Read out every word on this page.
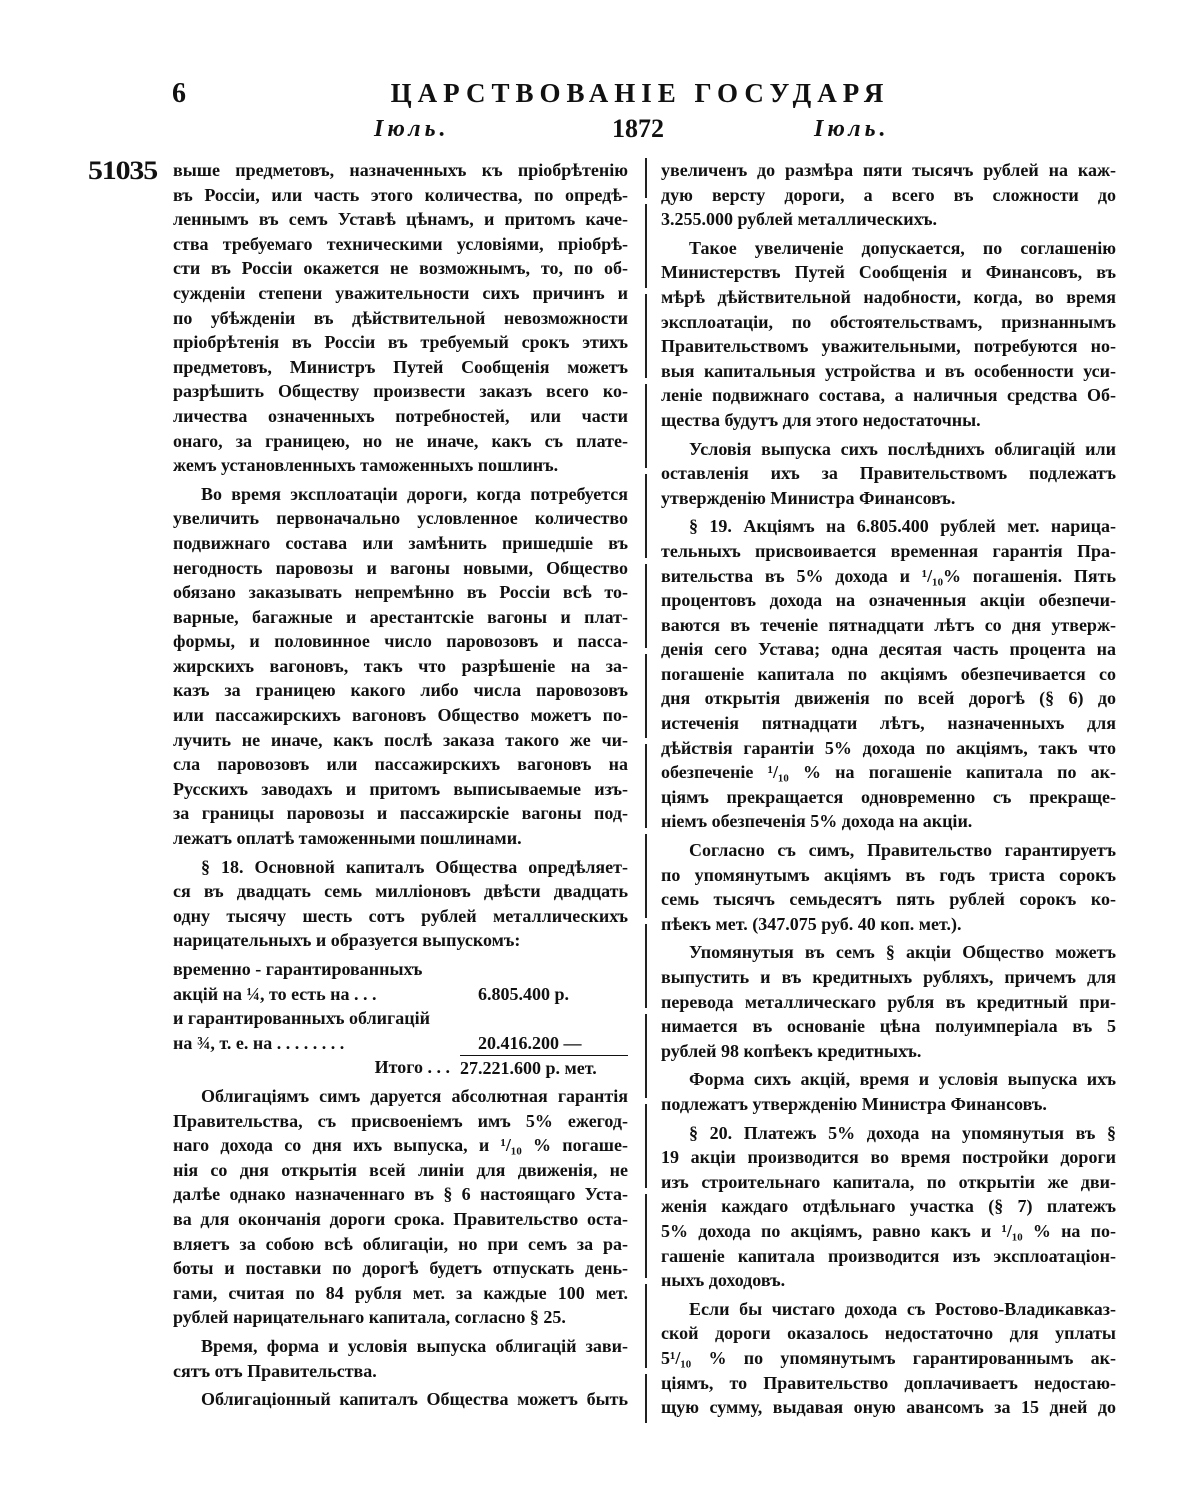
6	ЦАРСТВОВАНІЕ ГОСУДАРЯ
Іюль.	1872	Іюль.
51035 выше предметовъ, назначенныхъ къ пріобрѣтенію
въ Россіи, или часть этого количества, по опредѣ-
леннымъ въ семъ Уставѣ цѣнамъ, и притомъ каче-
ства требуемаго техническими условіями, пріобрѣ-
сти въ Россіи окажется не возможнымъ, то, по об-
сужденіи степени уважительности сихъ причинъ и
по убѣжденіи въ дѣйствительной невозможности
пріобрѣтенія въ Россіи въ требуемый срокъ этихъ
предметовъ, Министръ Путей Сообщенія можетъ
разрѣшить Обществу произвести заказъ всего ко-
личества означенныхъ потребностей, или части
онаго, за границею, но не иначе, какъ съ плате-
жемъ установленныхъ таможенныхъ пошлинъ.
Во время эксплоатаціи дороги, когда потребуется
увеличить первоначально условленное количество
подвижнаго состава или замѣнить пришедшіе въ
негодность паровозы и вагоны новыми, Общество
обязано заказывать непремѣнно въ Россіи всѣ то-
варные, багажные и арестантскіе вагоны и плат-
формы, и половинное число паровозовъ и пасса-
жирскихъ вагоновъ, такъ что разрѣшеніе на за-
казъ за границею какого либо числа паровозовъ
или пассажирскихъ вагоновъ Общество можетъ по-
лучить не иначе, какъ послѣ заказа такого же чи-
сла паровозовъ или пассажирскихъ вагоновъ на
Русскихъ заводахъ и притомъ выписываемые изъ-
за границы паровозы и пассажирскіе вагоны под-
лежатъ оплатѣ таможенными пошлинами.
§ 18. Основной капиталъ Общества опредѣляет-
ся въ двадцать семь милліоновъ двѣсти двадцать
одну тысячу шесть сотъ рублей металлическихъ
нарицательныхъ и образуется выпускомъ:
временно - гарантированныхъ
акцій на ¼, то есть на . . .	6.805.400 р.
и гарантированныхъ облигацій
на ¾, т. е. на . . . . . . . .	20.416.200 —
Итого . . . 27.221.600 р. мет.
Облигаціямъ симъ даруется абсолютная гарантія
Правительства, съ присвоеніемъ имъ 5% ежегод-
наго дохода со дня ихъ выпуска, и ¹/₁₀ % погаше-
нія со дня открытія всей линіи для движенія, не
далѣе однако назначеннаго въ § 6 настоящаго Уста-
ва для окончанія дороги срока. Правительство оста-
вляетъ за собою всѣ облигаціи, но при семъ за ра-
боты и поставки по дорогѣ будетъ отпускать день-
гами, считая по 84 рубля мет. за каждые 100 мет.
рублей нарицательнаго капитала, согласно § 25.
Время, форма и условія выпуска облигацій зави-
сятъ отъ Правительства.
Облигаціонный капиталъ Общества можетъ быть
увеличенъ до размѣра пяти тысячъ рублей на каж-
дую версту дороги, а всего въ сложности до
3.255.000 рублей металлическихъ.
Такое увеличеніе допускается, по соглашенію
Министерствъ Путей Сообщенія и Финансовъ, въ
мѣрѣ дѣйствительной надобности, когда, во время
эксплоатаціи, по обстоятельствамъ, признаннымъ
Правительствомъ уважительными, потребуются но-
выя капитальныя устройства и въ особенности уси-
леніе подвижнаго состава, а наличныя средства Об-
щества будутъ для этого недостаточны.
Условія выпуска сихъ послѣднихъ облигацій или
оставленія ихъ за Правительствомъ подлежатъ
утвержденію Министра Финансовъ.
§ 19. Акціямъ на 6.805.400 рублей мет. нарица-
тельныхъ присвоивается временная гарантія Пра-
вительства въ 5% дохода и ¹/₁₀% погашенія. Пять
процентовъ дохода на означенныя акціи обезпечи-
ваются въ теченіе пятнадцати лѣтъ со дня утверж-
денія сего Устава; одна десятая часть процента на
погашеніе капитала по акціямъ обезпечивается со
дня открытія движенія по всей дорогѣ (§ 6) до
истеченія пятнадцати лѣтъ, назначенныхъ для
дѣйствія гарантіи 5% дохода по акціямъ, такъ что
обезпеченіе ¹/₁₀ % на погашеніе капитала по ак-
ціямъ прекращается одновременно съ прекраще-
ніемъ обезпеченія 5% дохода на акціи.
Согласно съ симъ, Правительство гарантируетъ
по упомянутымъ акціямъ въ годъ триста сорокъ
семь тысячъ семьдесятъ пять рублей сорокъ ко-
пѣекъ мет. (347.075 руб. 40 коп. мет.).
Упомянутыя въ семъ § акціи Общество можетъ
выпустить и въ кредитныхъ рубляхъ, причемъ для
перевода металлическаго рубля въ кредитный при-
нимается въ основаніе цѣна полуимперіала въ 5
рублей 98 копѣекъ кредитныхъ.
Форма сихъ акцій, время и условія выпуска ихъ
подлежатъ утвержденію Министра Финансовъ.
§ 20. Платежъ 5% дохода на упомянутыя въ §
19 акціи производится во время постройки дороги
изъ строительнаго капитала, по открытіи же дви-
женія каждаго отдѣльнаго участка (§ 7) платежъ
5% дохода по акціямъ, равно какъ и ¹/₁₀ % на по-
гашеніе капитала производится изъ эксплоатаціон-
ныхъ доходовъ.
Если бы чистаго дохода съ Ростово-Владикавказ-
ской дороги оказалось недостаточно для уплаты
5¹/₁₀ % по упомянутымъ гарантированнымъ ак-
ціямъ, то Правительство доплачиваетъ недостаю-
щую сумму, выдавая оную авансомъ за 15 дней до
